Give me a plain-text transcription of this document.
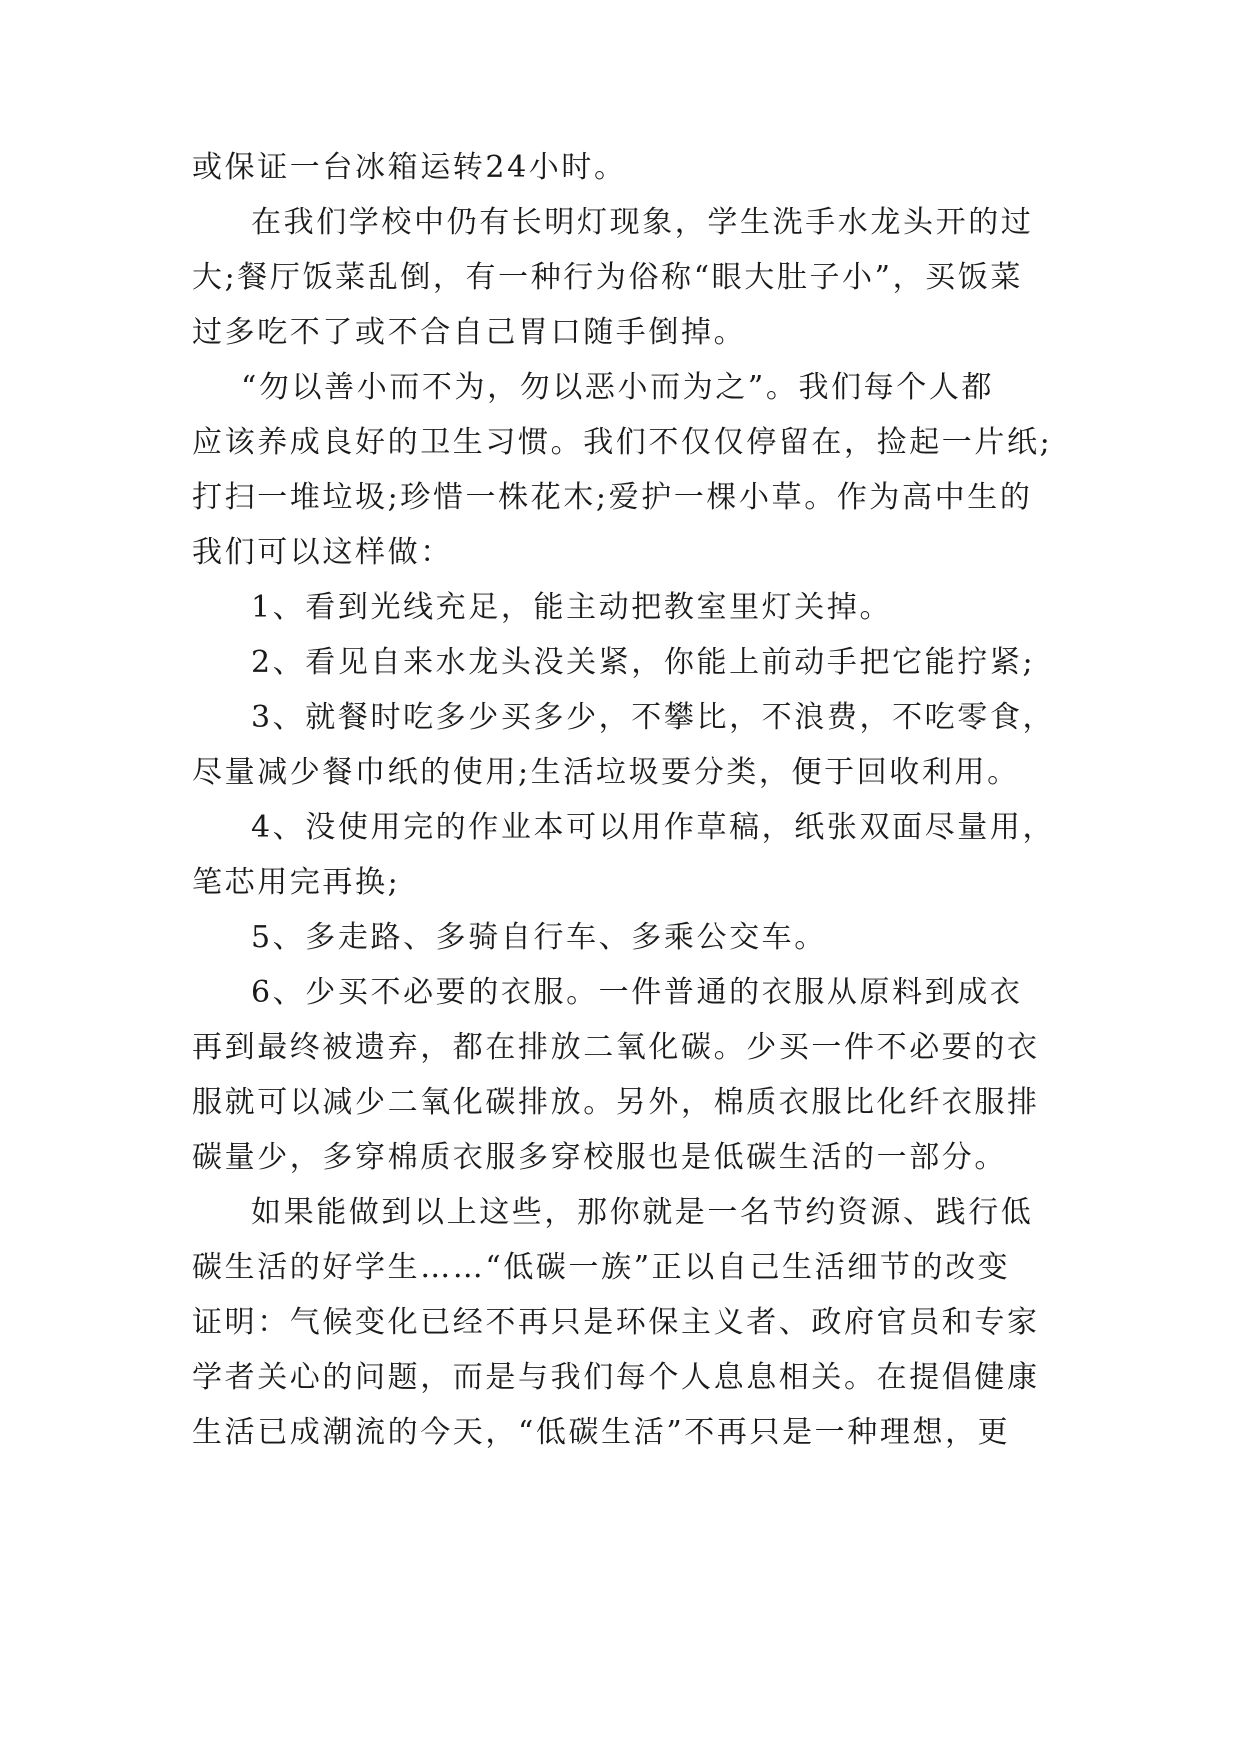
或保证一台冰箱运转24小时。
在我们学校中仍有长明灯现象，学生洗手水龙头开的过
大;餐厅饭菜乱倒，有一种行为俗称“眼大肚子小”，买饭菜
过多吃不了或不合自己胃口随手倒掉。
“勿以善小而不为，勿以恶小而为之”。我们每个人都
应该养成良好的卫生习惯。我们不仅仅停留在，捡起一片纸;
打扫一堆垃圾;珍惜一株花木;爱护一棵小草。作为高中生的
我们可以这样做：
1、看到光线充足，能主动把教室里灯关掉。
2、看见自来水龙头没关紧，你能上前动手把它能拧紧;
3、就餐时吃多少买多少，不攀比，不浪费，不吃零食，
尽量减少餐巾纸的使用;生活垃圾要分类，便于回收利用。
4、没使用完的作业本可以用作草稿，纸张双面尽量用，
笔芯用完再换;
5、多走路、多骑自行车、多乘公交车。
6、少买不必要的衣服。一件普通的衣服从原料到成衣
再到最终被遗弃，都在排放二氧化碳。少买一件不必要的衣
服就可以减少二氧化碳排放。另外，棉质衣服比化纤衣服排
碳量少，多穿棉质衣服多穿校服也是低碳生活的一部分。
如果能做到以上这些，那你就是一名节约资源、践行低
碳生活的好学生……“低碳一族”正以自己生活细节的改变
证明：气候变化已经不再只是环保主义者、政府官员和专家
学者关心的问题，而是与我们每个人息息相关。在提倡健康
生活已成潮流的今天，“低碳生活”不再只是一种理想，更
